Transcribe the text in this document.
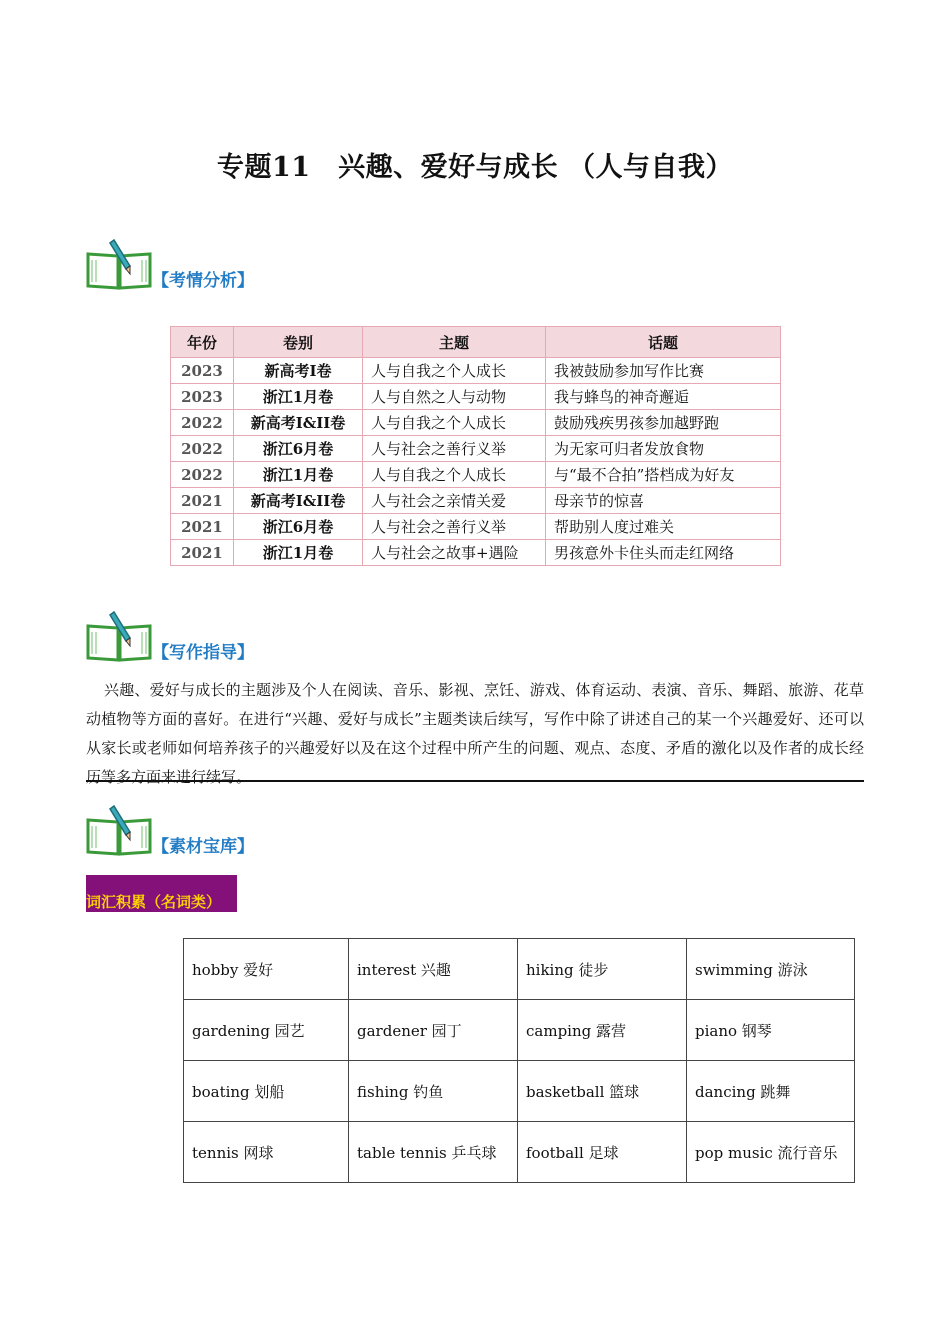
专题11　兴趣、爱好与成长 （人与自我）
【考情分析】
年份	卷别	主题	话题
2023	新高考I卷	人与自我之个人成长	我被鼓励参加写作比赛
2023	浙江1月卷	人与自然之人与动物	我与蜂鸟的神奇邂逅
2022	新高考I&II卷	人与自我之个人成长	鼓励残疾男孩参加越野跑
2022	浙江6月卷	人与社会之善行义举	为无家可归者发放食物
2022	浙江1月卷	人与自我之个人成长	与“最不合拍”搭档成为好友
2021	新高考I&II卷	人与社会之亲情关爱	母亲节的惊喜
2021	浙江6月卷	人与社会之善行义举	帮助别人度过难关
2021	浙江1月卷	人与社会之故事+遇险	男孩意外卡住头而走红网络
【写作指导】
兴趣、爱好与成长的主题涉及个人在阅读、音乐、影视、烹饪、游戏、体育运动、表演、音乐、舞蹈、旅游、花草动植物等方面的喜好。在进行“兴趣、爱好与成长”主题类读后续写，写作中除了讲述自己的某一个兴趣爱好、还可以从家长或老师如何培养孩子的兴趣爱好以及在这个过程中所产生的问题、观点、态度、矛盾的激化以及作者的成长经历等多方面来进行续写。
【素材宝库】
词汇积累（名词类）
hobby 爱好	interest 兴趣	hiking 徒步	swimming 游泳
gardening 园艺	gardener 园丁	camping 露营	piano 钢琴
boating 划船	fishing 钓鱼	basketball 篮球	dancing 跳舞
tennis 网球	table tennis 乒乓球	football 足球	pop music 流行音乐
